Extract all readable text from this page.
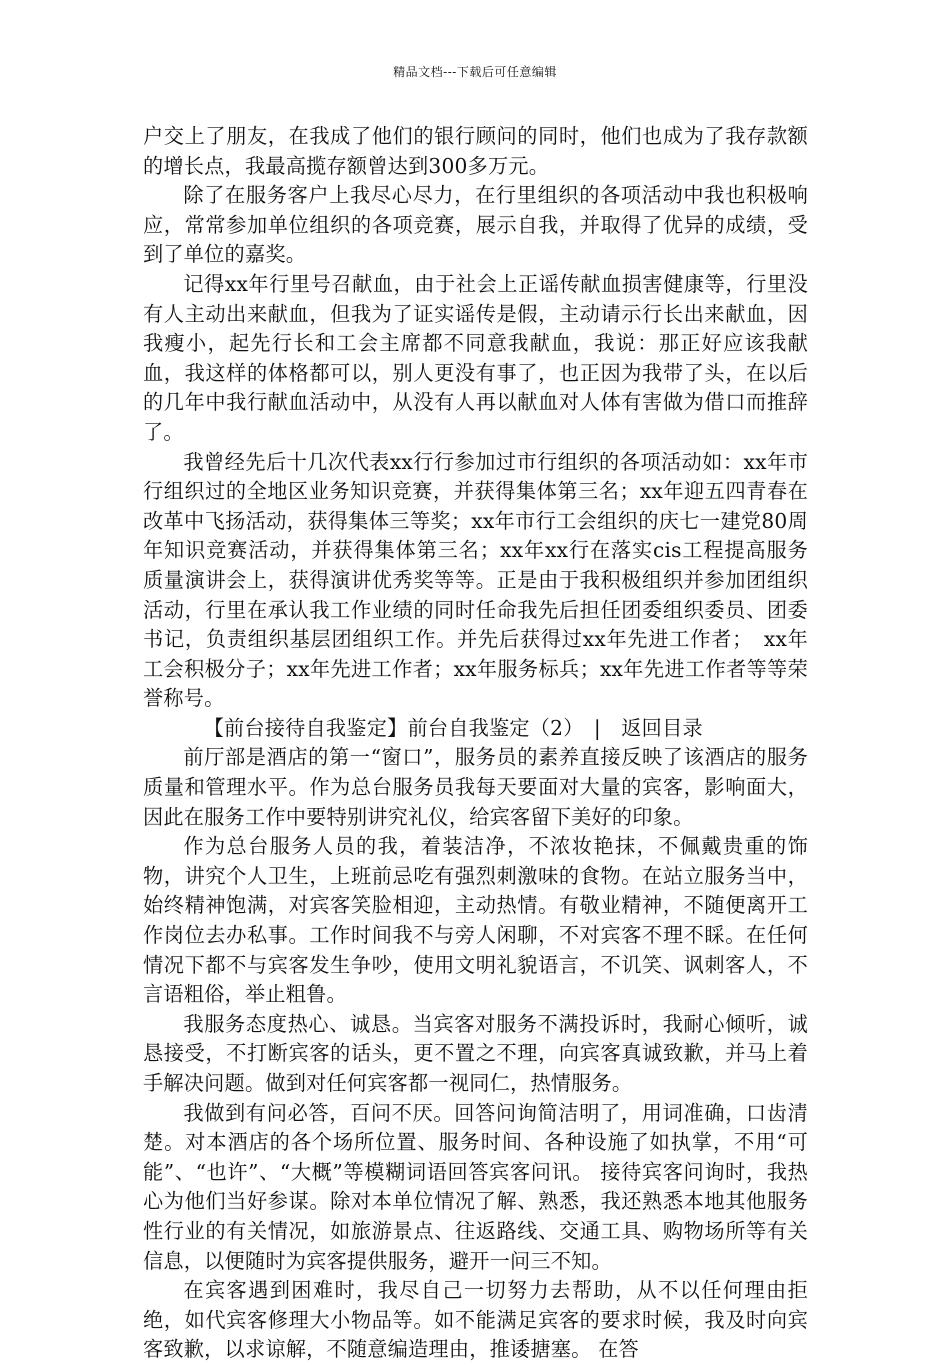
精品文档---下载后可任意编辑

户交上了朋友，在我成了他们的银行顾问的同时，他们也成为了我存款额的增长点，我最高揽存额曾达到300多万元。

除了在服务客户上我尽心尽力，在行里组织的各项活动中我也积极响应，常常参加单位组织的各项竞赛，展示自我，并取得了优异的成绩，受到了单位的嘉奖。

记得xx年行里号召献血，由于社会上正谣传献血损害健康等，行里没有人主动出来献血，但我为了证实谣传是假，主动请示行长出来献血，因我瘦小，起先行长和工会主席都不同意我献血，我说：那正好应该我献血，我这样的体格都可以，别人更没有事了，也正因为我带了头，在以后的几年中我行献血活动中，从没有人再以献血对人体有害做为借口而推辞了。

我曾经先后十几次代表xx行行参加过市行组织的各项活动如：xx年市行组织过的全地区业务知识竞赛，并获得集体第三名；xx年迎五四青春在改革中飞扬活动，获得集体三等奖；xx年市行工会组织的庆七一建党80周年知识竞赛活动，并获得集体第三名；xx年xx行在落实cis工程提高服务质量演讲会上，获得演讲优秀奖等等。正是由于我积极组织并参加团组织活动，行里在承认我工作业绩的同时任命我先后担任团委组织委员、团委书记，负责组织基层团组织工作。并先后获得过xx年先进工作者；　xx年工会积极分子；xx年先进工作者；xx年服务标兵；xx年先进工作者等等荣誉称号。

【前台接待自我鉴定】前台自我鉴定（2）　|　返回目录

前厅部是酒店的第一“窗口”，服务员的素养直接反映了该酒店的服务质量和管理水平。作为总台服务员我每天要面对大量的宾客，影响面大，因此在服务工作中要特别讲究礼仪，给宾客留下美好的印象。

作为总台服务人员的我，着装洁净，不浓妆艳抹，不佩戴贵重的饰物，讲究个人卫生，上班前忌吃有强烈刺激味的食物。在站立服务当中，始终精神饱满，对宾客笑脸相迎，主动热情。有敬业精神，不随便离开工作岗位去办私事。工作时间我不与旁人闲聊，不对宾客不理不睬。在任何情况下都不与宾客发生争吵，使用文明礼貌语言，不讥笑、讽刺客人，不言语粗俗，举止粗鲁。

我服务态度热心、诚恳。当宾客对服务不满投诉时，我耐心倾听，诚恳接受，不打断宾客的话头，更不置之不理，向宾客真诚致歉，并马上着手解决问题。做到对任何宾客都一视同仁，热情服务。

我做到有问必答，百问不厌。回答问询简洁明了，用词准确，口齿清楚。对本酒店的各个场所位置、服务时间、各种设施了如执掌，不用“可能”、“也许”、“大概”等模糊词语回答宾客问讯。 接待宾客问询时，我热心为他们当好参谋。除对本单位情况了解、熟悉，我还熟悉本地其他服务性行业的有关情况，如旅游景点、往返路线、交通工具、购物场所等有关信息，以便随时为宾客提供服务，避开一问三不知。

在宾客遇到困难时，我尽自己一切努力去帮助，从不以任何理由拒绝，如代宾客修理大小物品等。如不能满足宾客的要求时候，我及时向宾客致歉，以求谅解，不随意编造理由，推诿搪塞。 在答
